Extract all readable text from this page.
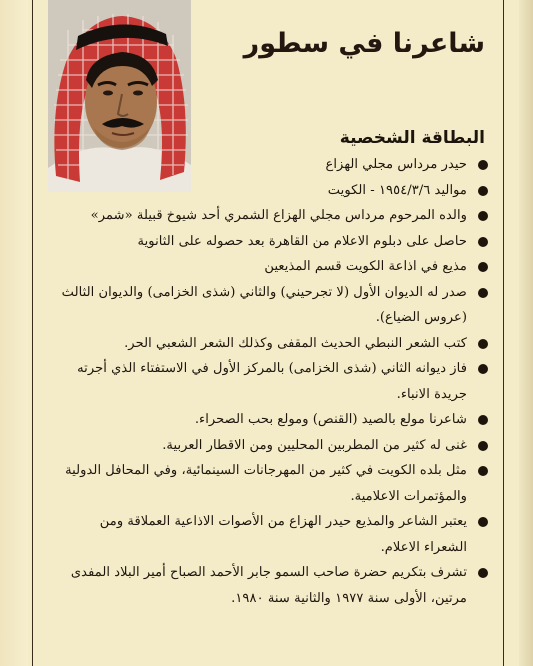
شاعرنا في سطور
البطاقة الشخصية
حيدر مرداس مجلي الهزاع
مواليد ١٩٥٤/٣/٦ - الكويت
والده المرحوم مرداس مجلي الهزاع الشمري أحد شيوخ قبيلة «شمر»
حاصل على دبلوم الاعلام من القاهرة بعد حصوله على الثانوية
مذيع في اذاعة الكويت قسم المذيعين
صدر له الديوان الأول (لا تجرحيني) والثاني (شذى الخزامى) والديوان الثالث (عروس الضياع).
كتب الشعر النبطي الحديث المقفى وكذلك الشعر الشعبي الحر.
فاز ديوانه الثاني (شذى الخزامى) بالمركز الأول في الاستفتاء الذي أجرته جريدة الانباء.
شاعرنا مولع بالصيد (القنص) ومولع بحب الصحراء.
غنى له كثير من المطربين المحليين ومن الاقطار العربية.
مثل بلده الكويت في كثير من المهرجانات السينمائية، وفي المحافل الدولية والمؤتمرات الاعلامية.
يعتبر الشاعر والمذيع حيدر الهزاع من الأصوات الاذاعية العملاقة ومن الشعراء الاعلام.
تشرف بتكريم حضرة صاحب السمو جابر الأحمد الصباح أمير البلاد المفدى مرتين، الأولى سنة ١٩٧٧ والثانية سنة ١٩٨٠.
